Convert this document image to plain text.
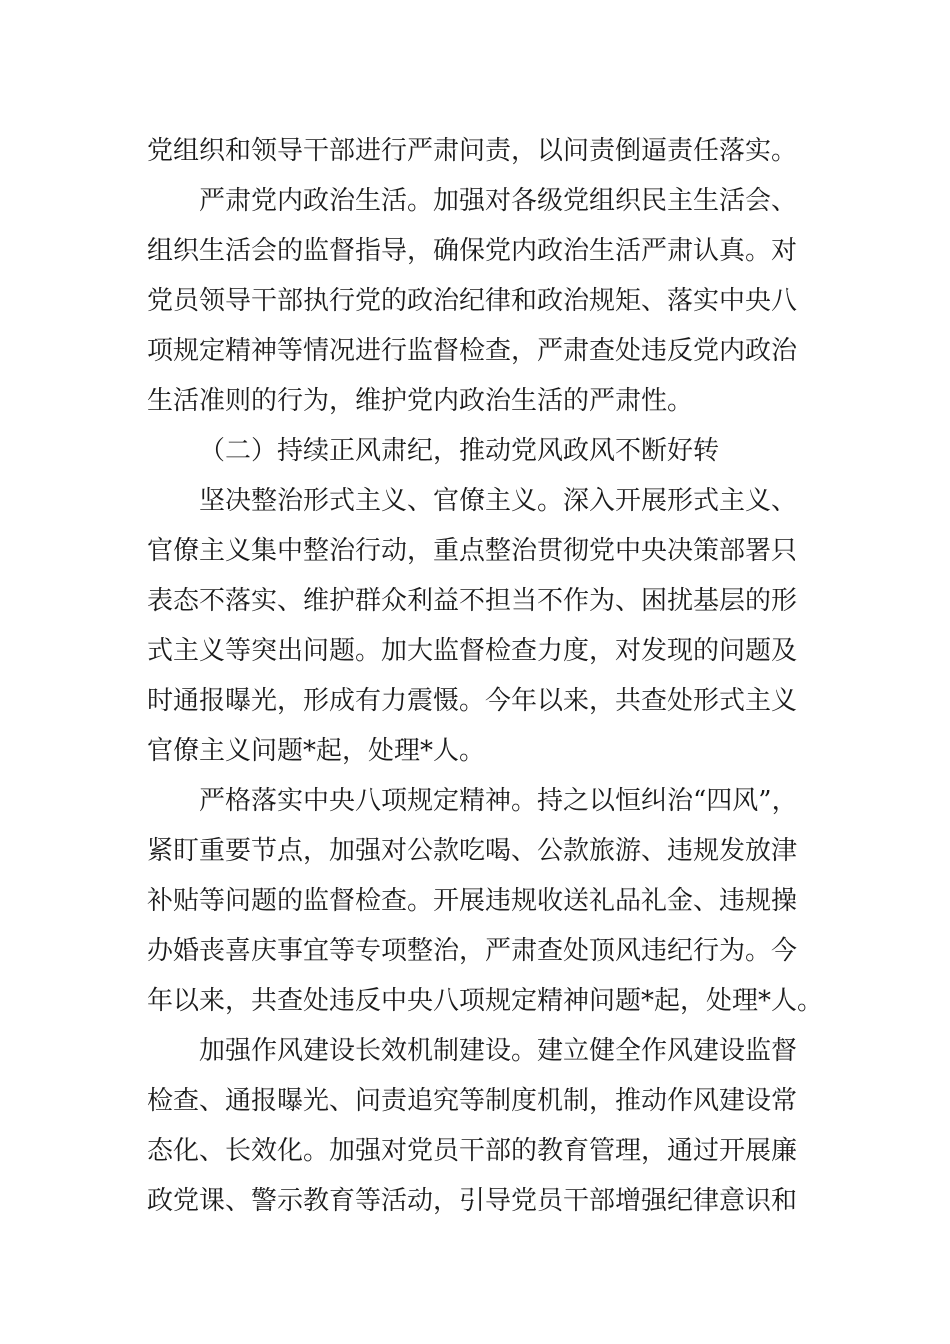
党组织和领导干部进行严肃问责，以问责倒逼责任落实。
严肃党内政治生活。加强对各级党组织民主生活会、
组织生活会的监督指导，确保党内政治生活严肃认真。对
党员领导干部执行党的政治纪律和政治规矩、落实中央八
项规定精神等情况进行监督检查，严肃查处违反党内政治
生活准则的行为，维护党内政治生活的严肃性。
（二）持续正风肃纪，推动党风政风不断好转
坚决整治形式主义、官僚主义。深入开展形式主义、
官僚主义集中整治行动，重点整治贯彻党中央决策部署只
表态不落实、维护群众利益不担当不作为、困扰基层的形
式主义等突出问题。加大监督检查力度，对发现的问题及
时通报曝光，形成有力震慑。今年以来，共查处形式主义
官僚主义问题*起，处理*人。
严格落实中央八项规定精神。持之以恒纠治“四风”，
紧盯重要节点，加强对公款吃喝、公款旅游、违规发放津
补贴等问题的监督检查。开展违规收送礼品礼金、违规操
办婚丧喜庆事宜等专项整治，严肃查处顶风违纪行为。今
年以来，共查处违反中央八项规定精神问题*起，处理*人。
加强作风建设长效机制建设。建立健全作风建设监督
检查、通报曝光、问责追究等制度机制，推动作风建设常
态化、长效化。加强对党员干部的教育管理，通过开展廉
政党课、警示教育等活动，引导党员干部增强纪律意识和
